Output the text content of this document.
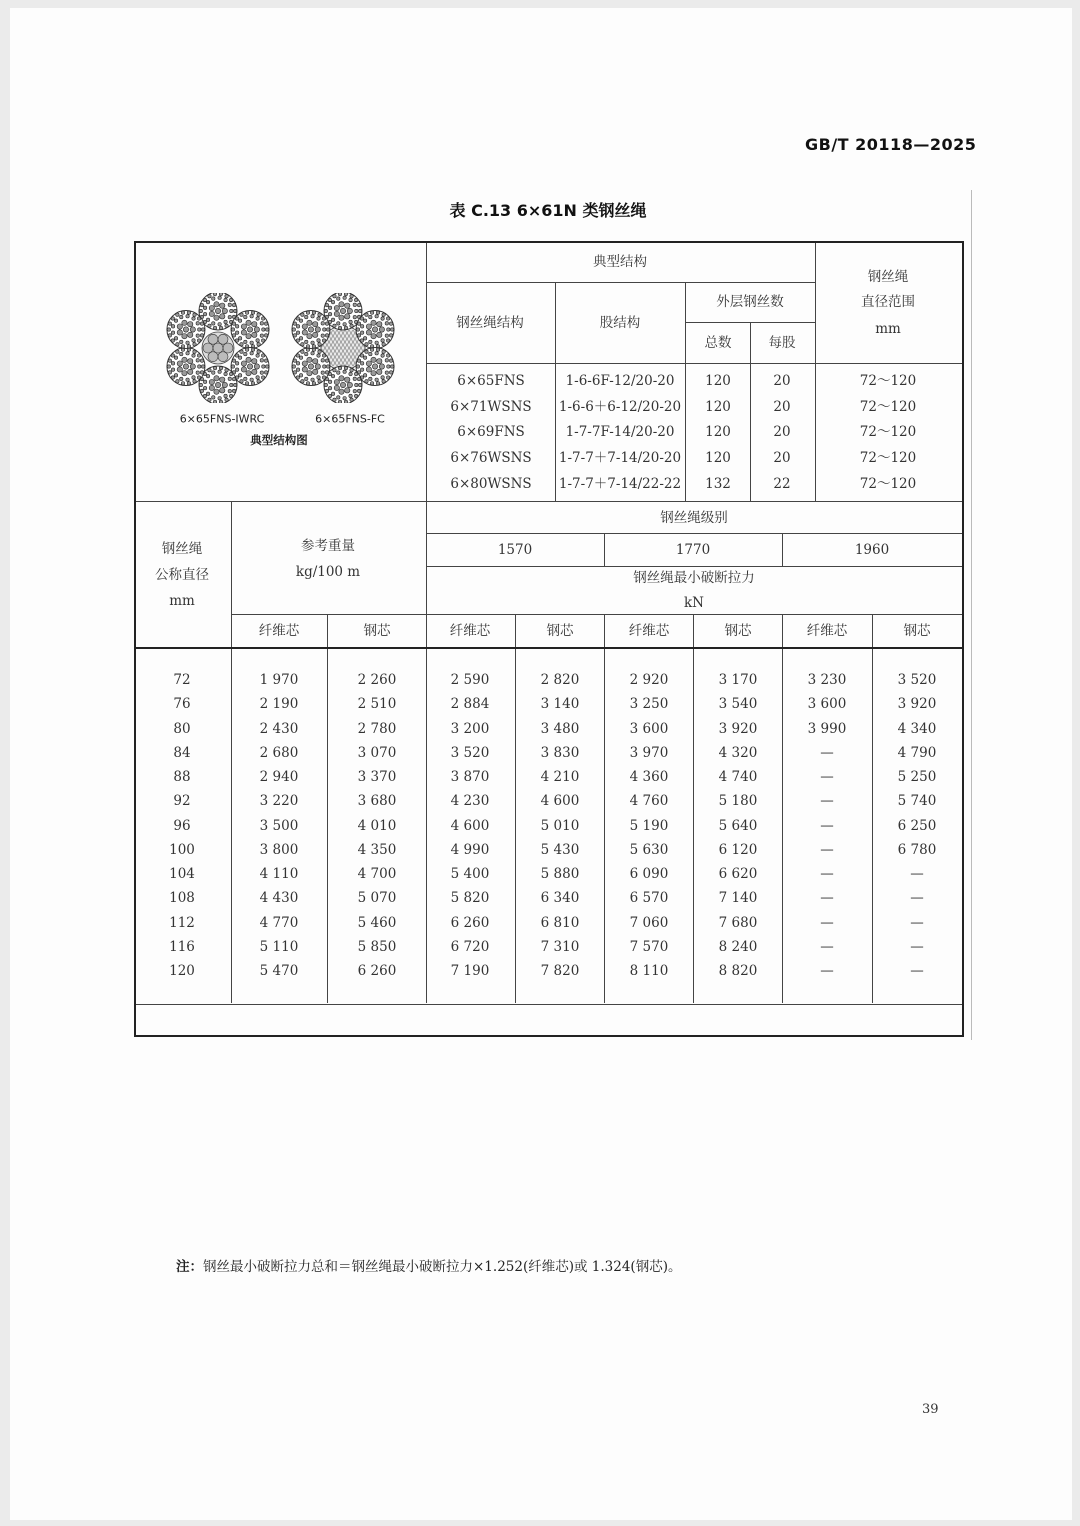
GB/T 20118—2025
表 C.13 6×61N 类钢丝绳
6×65FNS-IWRC	6×65FNS-FC
典型结构图
典型结构
钢丝绳结构	股结构
外层钢丝数
总数	每股
钢丝绳
直径范围
mm
6×65FNS	1-6-6F-12/20-20 120	20	72～120
6×71WSNS 1-6-6＋6-12/20-20 120	20	72～120
6×69FNS	1-7-7F-14/20-20 120	20	72～120
6×76WSNS 1-7-7＋7-14/20-20 120	20	72～120
6×80WSNS 1-7-7＋7-14/22-22 132	22	72～120
钢丝绳
公称直径
mm
参考重量
kg/100 m
钢丝绳级别
1570	1770	1960
钢丝绳最小破断拉力
kN
纤维芯	钢芯	纤维芯	钢芯	纤维芯	钢芯	纤维芯	钢芯
72	1 970	2 260	2 590	2 820	2 920	3 170	3 230	3 520
76	2 190	2 510	2 884	3 140	3 250	3 540	3 600	3 920
80	2 430	2 780	3 200	3 480	3 600	3 920	3 990	4 340
84	2 680	3 070	3 520	3 830	3 970	4 320	—	4 790
88	2 940	3 370	3 870	4 210	4 360	4 740	—	5 250
92	3 220	3 680	4 230	4 600	4 760	5 180	—	5 740
96	3 500	4 010	4 600	5 010	5 190	5 640	—	6 250
100	3 800	4 350	4 990	5 430	5 630	6 120	—	6 780
104	4 110	4 700	5 400	5 880	6 090	6 620	—	—
108	4 430	5 070	5 820	6 340	6 570	7 140	—	—
112	4 770	5 460	6 260	6 810	7 060	7 680	—	—
116	5 110	5 850	6 720	7 310	7 570	8 240	—	—
120	5 470	6 260	7 190	7 820	8 110	8 820	—	—
注：钢丝最小破断拉力总和＝钢丝绳最小破断拉力×1.252(纤维芯)或 1.324(钢芯)。
39
